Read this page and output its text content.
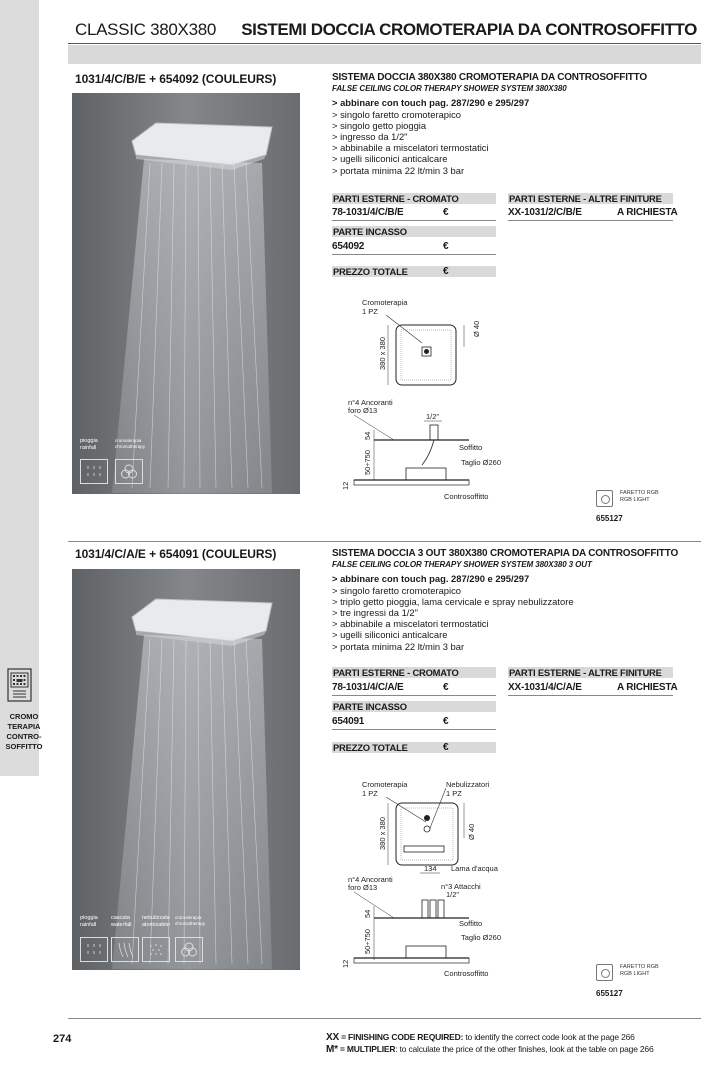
CROMO
TERAPIA
CONTRO-
SOFFITTO
CLASSIC 380X380 SISTEMI DOCCIA CROMOTERAPIA DA CONTROSOFFITTO
1031/4/C/B/E + 654092 (COULEURS)
pioggia
rainfall
cromoterapia
chromotherapy
SISTEMA DOCCIA 380X380 CROMOTERAPIA DA CONTROSOFFITTO
FALSE CEILING COLOR THERAPY SHOWER SYSTEM 380X380
> abbinare con touch pag. 287/290 e 295/297
> singolo faretto cromoterapico
> singolo getto pioggia
> ingresso da 1/2"
> abbinabile a miscelatori termostatici
> ugelli siliconici anticalcare
> portata minima 22 lt/min 3 bar
PARTI ESTERNE - CROMATO	PARTI ESTERNE - ALTRE FINITURE
78-1031/4/C/B/E	€	XX-1031/2/C/B/E	A RICHIESTA
PARTE INCASSO
654092	€
PREZZO TOTALE	€
Cromoterapia
1 PZ
380 x 380
Ø 40
n°4 Ancoranti
foro Ø13
1/2"
54
50÷750
Soffitto
Taglio Ø260
12
Controsoffitto	FARETTO RGB
RGB LIGHT
655127
1031/4/C/A/E + 654091 (COULEURS)
pioggia
rainfall
cascata
waterfall
nebulizzata
atomization
cromoterapia
chromotherapy
SISTEMA DOCCIA 3 OUT 380X380 CROMOTERAPIA DA CONTROSOFFITTO
FALSE CEILING COLOR THERAPY SHOWER SYSTEM 380X380 3 OUT
> abbinare con touch pag. 287/290 e 295/297
> singolo faretto cromoterapico
> triplo getto pioggia, lama cervicale e spray nebulizzatore
> tre ingressi da 1/2"
> abbinabile a miscelatori termostatici
> ugelli siliconici anticalcare
> portata minima 22 lt/min 3 bar
PARTI ESTERNE - CROMATO	PARTI ESTERNE - ALTRE FINITURE
78-1031/4/C/A/E	€	XX-1031/4/C/A/E	A RICHIESTA
PARTE INCASSO
654091	€
PREZZO TOTALE	€
Cromoterapia
1 PZ
Nebulizzatori
1 PZ
380 x 380	Ø 40
134 Lama d'acqua
n°4 Ancoranti
foro Ø13	n°3 Attacchi
1/2"
54
50÷750
Soffitto
Taglio Ø260
12
Controsoffitto
FARETTO RGB
RGB LIGHT
655127
274	XX = FINISHING CODE REQUIRED: to identify the correct code look at the page 266
M* = MULTIPLIER: to calculate the price of the other finishes, look at the table on page 266
